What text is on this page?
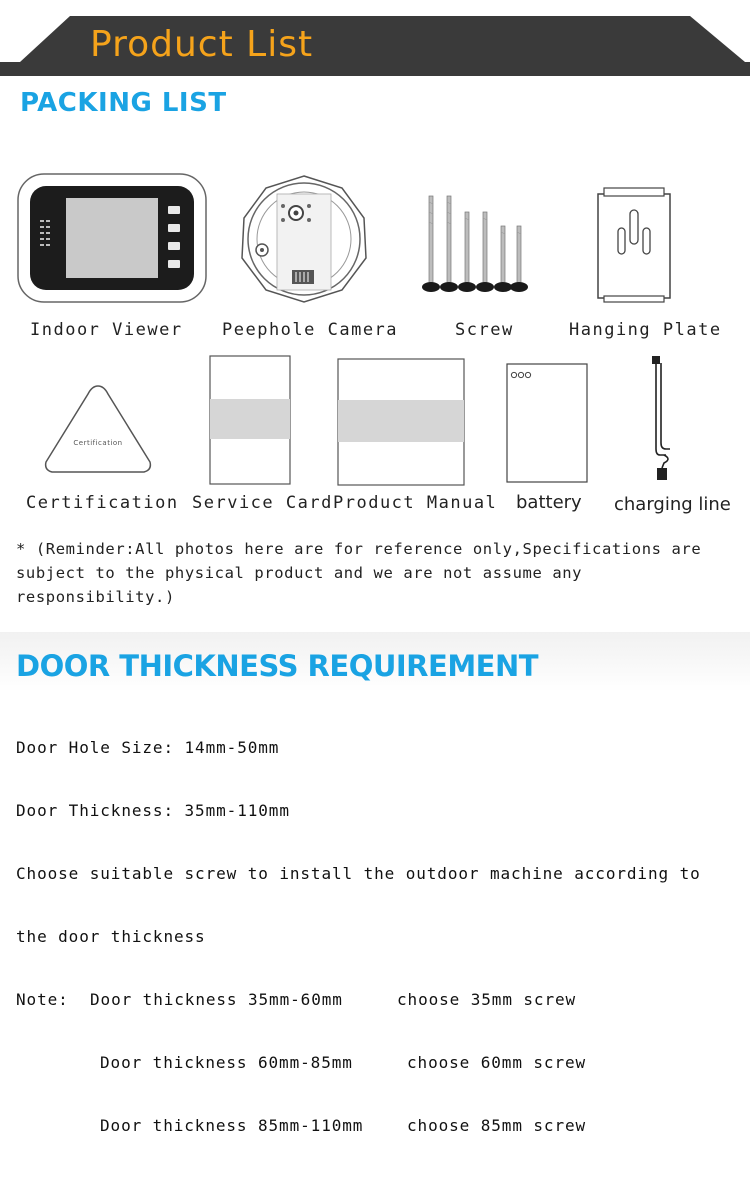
Product List
PACKING LIST
Indoor Viewer Peephole Camera	Screw	Hanging Plate
Certification
Certification Service Card Product Manual battery charging line
* (Reminder:All photos here are for reference only,Specifications are subject to the physical product and we are not assume any responsibility.)
DOOR THICKNESS REQUIREMENT

Door Hole Size: 14mm-50mm

Door Thickness: 35mm-110mm

Choose suitable screw to install the outdoor machine according to

the door thickness

Note:

Door thickness 35mm-60mm

	choose 35mm screw

Door thickness 60mm-85mm

	choose 60mm screw

Door thickness 85mm-110mm

	choose 85mm screw
